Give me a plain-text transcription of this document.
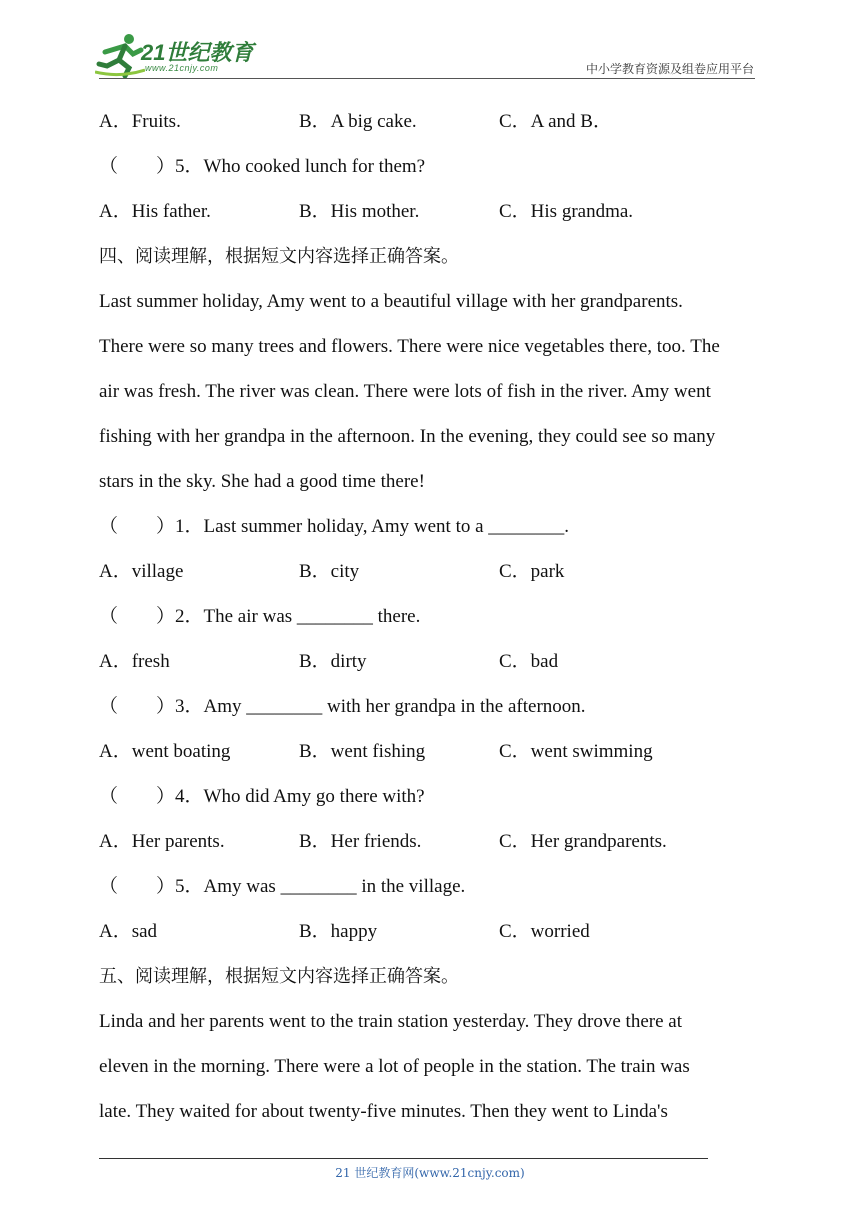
21世纪教育
www.21cnjy.com	中小学教育资源及组卷应用平台
A．Fruits.	B．A big cake.	C．A and B．
（　　）5．Who cooked lunch for them?
A．His father.	B．His mother.	C．His grandma.
四、阅读理解，根据短文内容选择正确答案。
Last summer holiday, Amy went to a beautiful village with her grandparents.
There were so many trees and flowers. There were nice vegetables there, too. The
air was fresh. The river was clean. There were lots of fish in the river. Amy went
fishing with her grandpa in the afternoon. In the evening, they could see so many
stars in the sky. She had a good time there!
（　　）1．Last summer holiday, Amy went to a ________.
A．village	B．city	C．park
（　　）2．The air was ________ there.
A．fresh	B．dirty	C．bad
（　　）3．Amy ________ with her grandpa in the afternoon.
A．went boating	B．went fishing	C．went swimming
（　　）4．Who did Amy go there with?
A．Her parents.	B．Her friends.	C．Her grandparents.
（　　）5．Amy was ________ in the village.
A．sad	B．happy	C．worried
五、阅读理解，根据短文内容选择正确答案。
Linda and her parents went to the train station yesterday. They drove there at
eleven in the morning. There were a lot of people in the station. The train was
late. They waited for about twenty-five minutes. Then they went to Linda's
21 世纪教育网(www.21cnjy.com)
